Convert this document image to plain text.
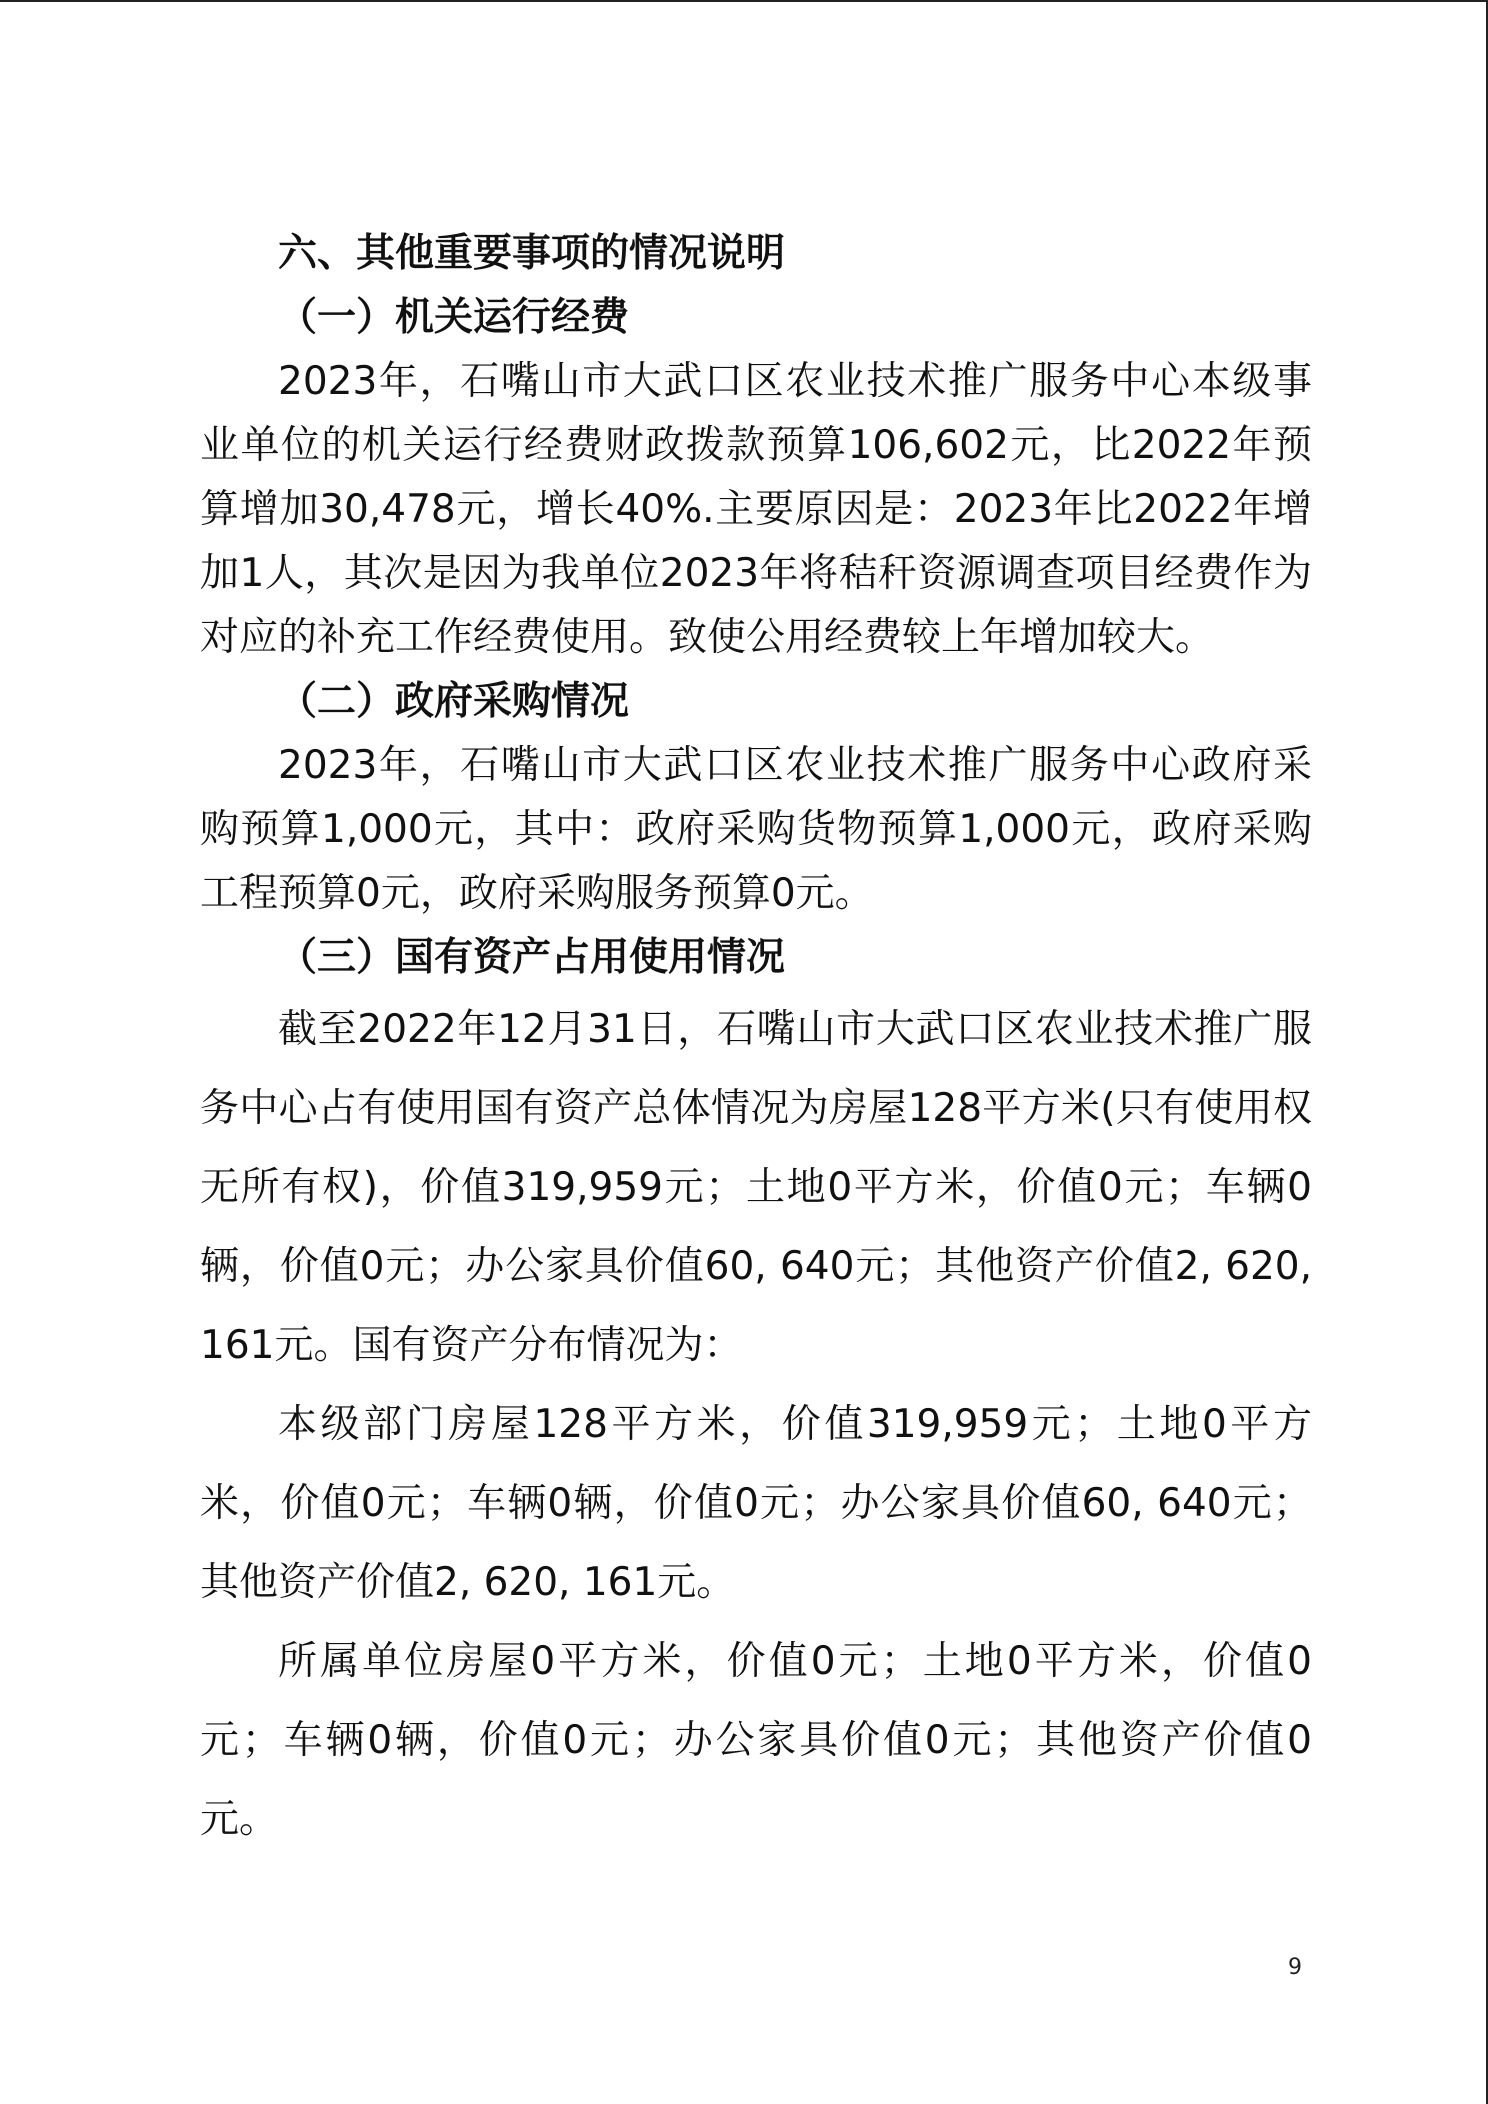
六、其他重要事项的情况说明

（一）机关运行经费

2023年，石嘴山市大武口区农业技术推广服务中心本级事业单位的机关运行经费财政拨款预算106,602元，比2022年预算增加30,478元，增长40%.主要原因是：2023年比2022年增加1人，其次是因为我单位2023年将秸秆资源调查项目经费作为对应的补充工作经费使用。致使公用经费较上年增加较大。

（二）政府采购情况

2023年，石嘴山市大武口区农业技术推广服务中心政府采购预算1,000元，其中：政府采购货物预算1,000元，政府采购工程预算0元，政府采购服务预算0元。

（三）国有资产占用使用情况

截至2022年12月31日，石嘴山市大武口区农业技术推广服务中心占有使用国有资产总体情况为房屋128平方米(只有使用权无所有权)，价值319,959元；土地0平方米，价值0元；车辆0辆，价值0元；办公家具价值60, 640元；其他资产价值2, 620, 161元。国有资产分布情况为：

本级部门房屋128平方米，价值319,959元；土地0平方米，价值0元；车辆0辆，价值0元；办公家具价值60, 640元；其他资产价值2, 620, 161元。

所属单位房屋0平方米，价值0元；土地0平方米，价值0元；车辆0辆，价值0元；办公家具价值0元；其他资产价值0元。

9
